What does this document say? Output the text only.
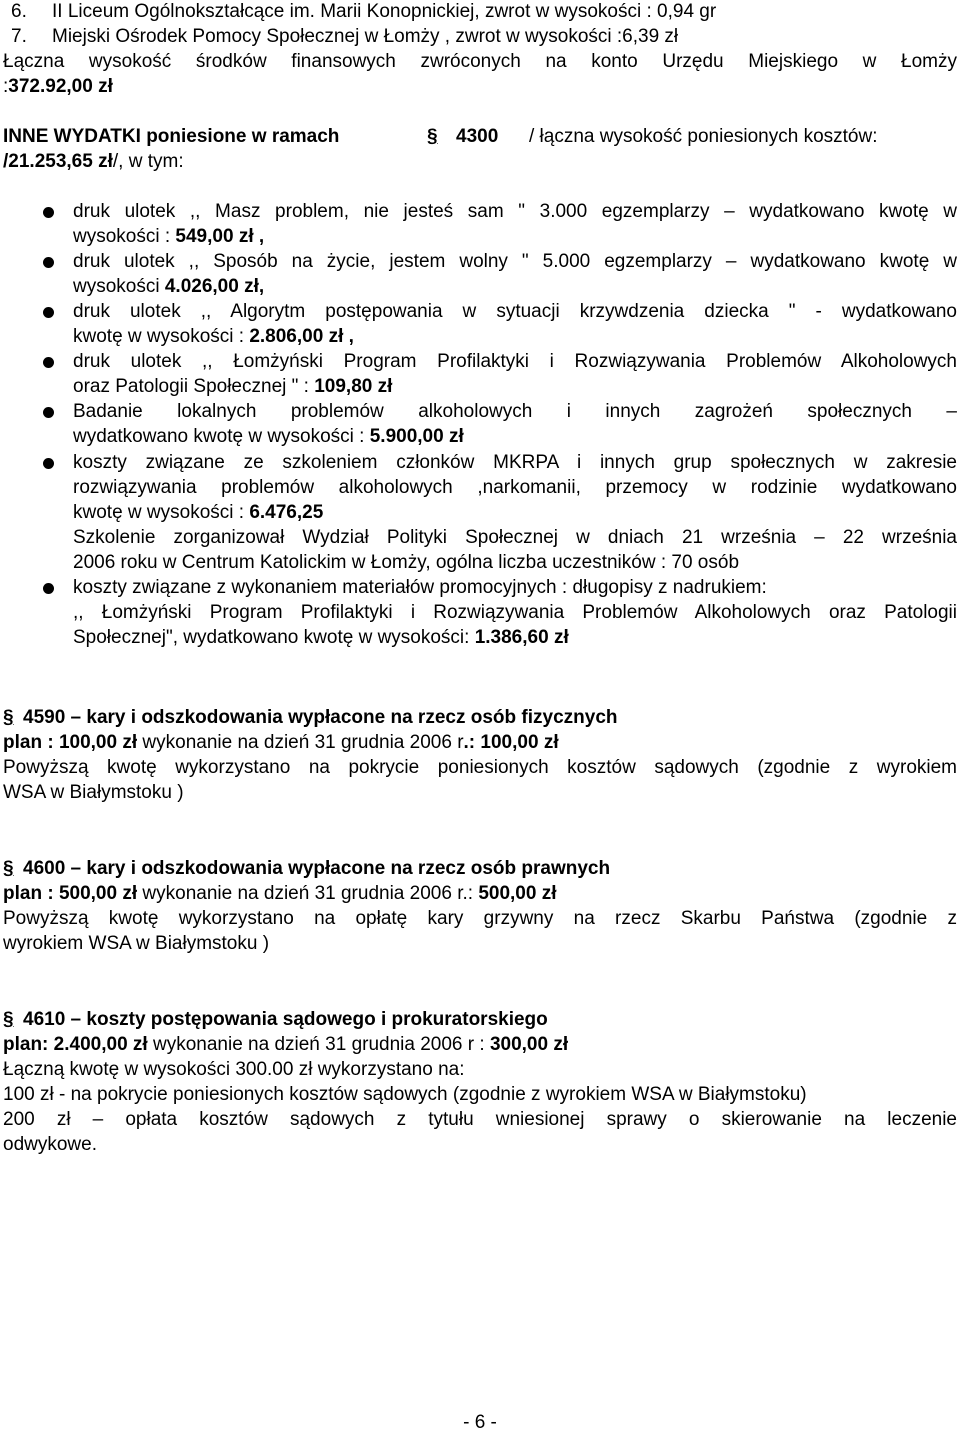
6. II Liceum Ogólnokształcące im. Marii Konopnickiej, zwrot w wysokości : 0,94 gr
7. Miejski Ośrodek Pomocy Społecznej w Łomży , zwrot w wysokości :6,39 zł
Łączna wysokość środków finansowych zwróconych na konto Urzędu Miejskiego w Łomży
:372.92,00 zł
INNE WYDATKI poniesione w ramach	§ 4300 / łączna wysokość poniesionych kosztów:
/21.253,65 zł/, w tym:
druk ulotek ,, Masz problem, nie jesteś sam " 3.000 egzemplarzy – wydatkowano kwotę w
wysokości : 549,00 zł ,
druk ulotek ,, Sposób na życie, jestem wolny " 5.000 egzemplarzy – wydatkowano kwotę w
wysokości 4.026,00 zł,
druk ulotek ,, Algorytm postępowania w sytuacji krzywdzenia dziecka " - wydatkowano
kwotę w wysokości : 2.806,00 zł ,
druk ulotek ,, Łomżyński Program Profilaktyki i Rozwiązywania Problemów Alkoholowych
oraz Patologii Społecznej " : 109,80 zł
Badanie lokalnych problemów alkoholowych i innych zagrożeń społecznych –
wydatkowano kwotę w wysokości : 5.900,00 zł
koszty związane ze szkoleniem członków MKRPA i innych grup społecznych w zakresie
rozwiązywania problemów alkoholowych ,narkomanii, przemocy w rodzinie wydatkowano
kwotę w wysokości : 6.476,25
Szkolenie zorganizował Wydział Polityki Społecznej w dniach 21 września – 22 września
2006 roku w Centrum Katolickim w Łomży, ogólna liczba uczestników : 70 osób
koszty związane z wykonaniem materiałów promocyjnych : długopisy z nadrukiem:
,, Łomżyński Program Profilaktyki i Rozwiązywania Problemów Alkoholowych oraz Patologii
Społecznej", wydatkowano kwotę w wysokości: 1.386,60 zł
§ 4590 – kary i odszkodowania wypłacone na rzecz osób fizycznych
plan : 100,00 zł wykonanie na dzień 31 grudnia 2006 r.: 100,00 zł
Powyższą kwotę wykorzystano na pokrycie poniesionych kosztów sądowych (zgodnie z wyrokiem
WSA w Białymstoku )
§ 4600 – kary i odszkodowania wypłacone na rzecz osób prawnych
plan : 500,00 zł wykonanie na dzień 31 grudnia 2006 r.: 500,00 zł
Powyższą kwotę wykorzystano na opłatę kary grzywny na rzecz Skarbu Państwa (zgodnie z
wyrokiem WSA w Białymstoku )
§ 4610 – koszty postępowania sądowego i prokuratorskiego
plan: 2.400,00 zł wykonanie na dzień 31 grudnia 2006 r : 300,00 zł
Łączną kwotę w wysokości 300.00 zł wykorzystano na:
100 zł - na pokrycie poniesionych kosztów sądowych (zgodnie z wyrokiem WSA w Białymstoku)
200 zł – opłata kosztów sądowych z tytułu wniesionej sprawy o skierowanie na leczenie
odwykowe.
- 6 -
